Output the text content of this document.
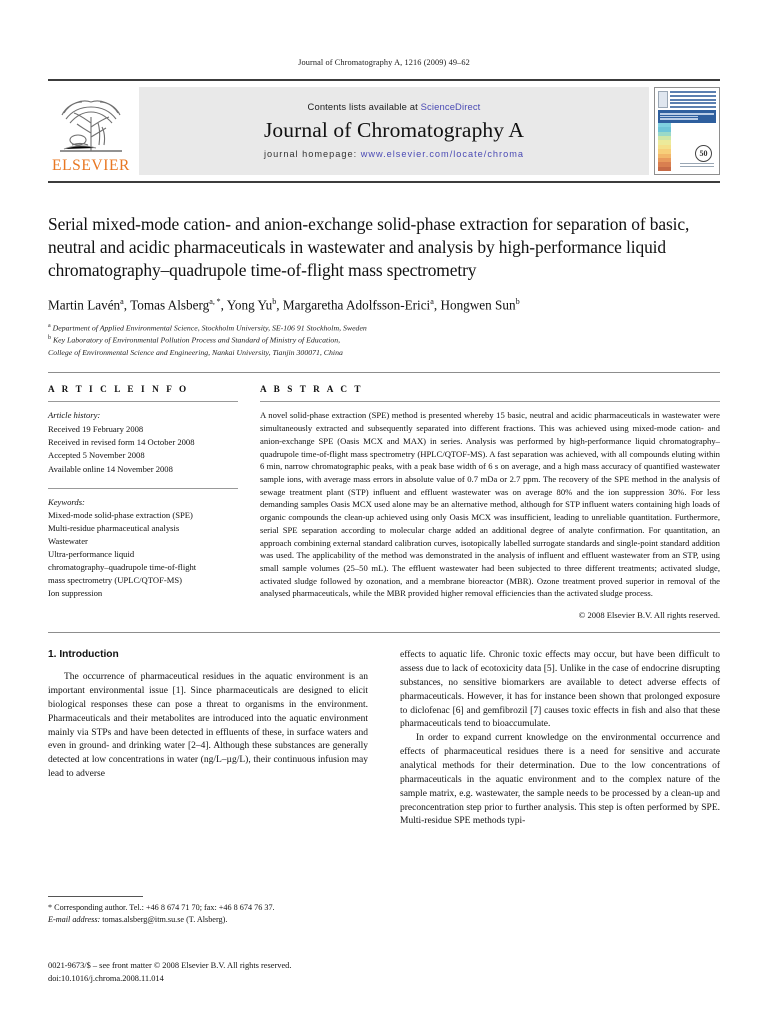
Journal of Chromatography A, 1216 (2009) 49–62
ELSEVIER
Contents lists available at ScienceDirect
Journal of Chromatography A
journal homepage: www.elsevier.com/locate/chroma	50
Serial mixed-mode cation- and anion-exchange solid-phase extraction for separation of basic, neutral and acidic pharmaceuticals in wastewater and analysis by high-performance liquid chromatography–quadrupole time-of-flight mass spectrometry
Martin Lavén$^a$, Tomas Alsberg$^{a, *}$, Yong Yu$^b$, Margaretha Adolfsson-Erici$^a$, Hongwen Sun$^b$
$^a$ Department of Applied Environmental Science, Stockholm University, SE-106 91 Stockholm, Sweden
$^b$ Key Laboratory of Environmental Pollution Process and Standard of Ministry of Education,
College of Environmental Science and Engineering, Nankai University, Tianjin 300071, China
A R T I C L E I N F O
Article history:
Received 19 February 2008
Received in revised form 14 October 2008
Accepted 5 November 2008
Available online 14 November 2008
Keywords:
Mixed-mode solid-phase extraction (SPE)
Multi-residue pharmaceutical analysis
Wastewater
Ultra-performance liquid
chromatography–quadrupole time-of-flight
mass spectrometry (UPLC/QTOF-MS)
Ion suppression
A B S T R A C T

A novel solid-phase extraction (SPE) method is presented whereby 15 basic, neutral and acidic pharmaceuticals in wastewater were simultaneously extracted and subsequently separated into different fractions. This was achieved using mixed-mode cation- and anion-exchange SPE (Oasis MCX and MAX) in series. Analysis was performed by high-performance liquid chromatography–quadrupole time-of-flight mass spectrometry (HPLC/QTOF-MS). A fast separation was achieved, with all compounds eluting within 6 min, narrow chromatographic peaks, with a peak base width of 6 s on average, and a high mass accuracy of quantified wastewater sample ions, with average mass errors in absolute value of 0.7 mDa or 2.7 ppm. The recovery of the SPE method in the analysis of sewage treatment plant (STP) influent and effluent wastewater was on average 80% and the ion suppression 30%. For less demanding samples Oasis MCX used alone may be an alternative method, although for STP influent waters containing high loads of organic compounds the clean-up achieved using only Oasis MCX was insufficient, leading to unreliable quantitation. Furthermore, serial SPE separation according to molecular charge added an additional degree of analyte confirmation. For quantitation, an approach combining external standard calibration curves, isotopically labelled surrogate standards and single-point standard addition was used. The applicability of the method was demonstrated in the analysis of influent and effluent wastewater from an STP, using small sample volumes (25–50 mL). The effluent wastewater had been subjected to three different treatments; activated sludge, activated sludge followed by ozonation, and a membrane bioreactor (MBR). Ozone treatment proved superior in removal of the analysed pharmaceuticals, while the MBR provided higher removal efficiencies than the activated sludge process.

© 2008 Elsevier B.V. All rights reserved.
1. Introduction

The occurrence of pharmaceutical residues in the aquatic environment is an important environmental issue [1]. Since pharmaceuticals are designed to elicit biological responses these can pose a threat to organisms in the environment. Pharmaceuticals and their metabolites are introduced into the aquatic environment mainly via STPs and have been detected in effluents of these, in surface waters and even in ground- and drinking water [2–4]. Although these substances are generally detected at low concentrations in water (ng/L–µg/L), their continuous infusion may lead to adverse

effects to aquatic life. Chronic toxic effects may occur, but have been difficult to assess due to lack of ecotoxicity data [5]. Unlike in the case of endocrine disrupting substances, no sensitive biomarkers are available to detect adverse effects of pharmaceuticals. However, it has for instance been shown that prolonged exposure to diclofenac [6] and gemfibrozil [7] causes toxic effects in fish and also that these pharmaceuticals tend to bioaccumulate.

In order to expand current knowledge on the environmental occurrence and effects of pharmaceutical residues there is a need for sensitive and accurate analytical methods for their determination. Due to the low concentrations of pharmaceuticals in the aquatic environment and to the complex nature of the sample matrix, e.g. wastewater, the sample needs to be processed by a clean-up and preconcentration step prior to further analysis. This step is often performed by SPE. Multi-residue SPE methods typi-

* Corresponding author. Tel.: +46 8 674 71 70; fax: +46 8 674 76 37.
E-mail address: tomas.alsberg@itm.su.se (T. Alsberg).
0021-9673/$ – see front matter © 2008 Elsevier B.V. All rights reserved.
doi:10.1016/j.chroma.2008.11.014
